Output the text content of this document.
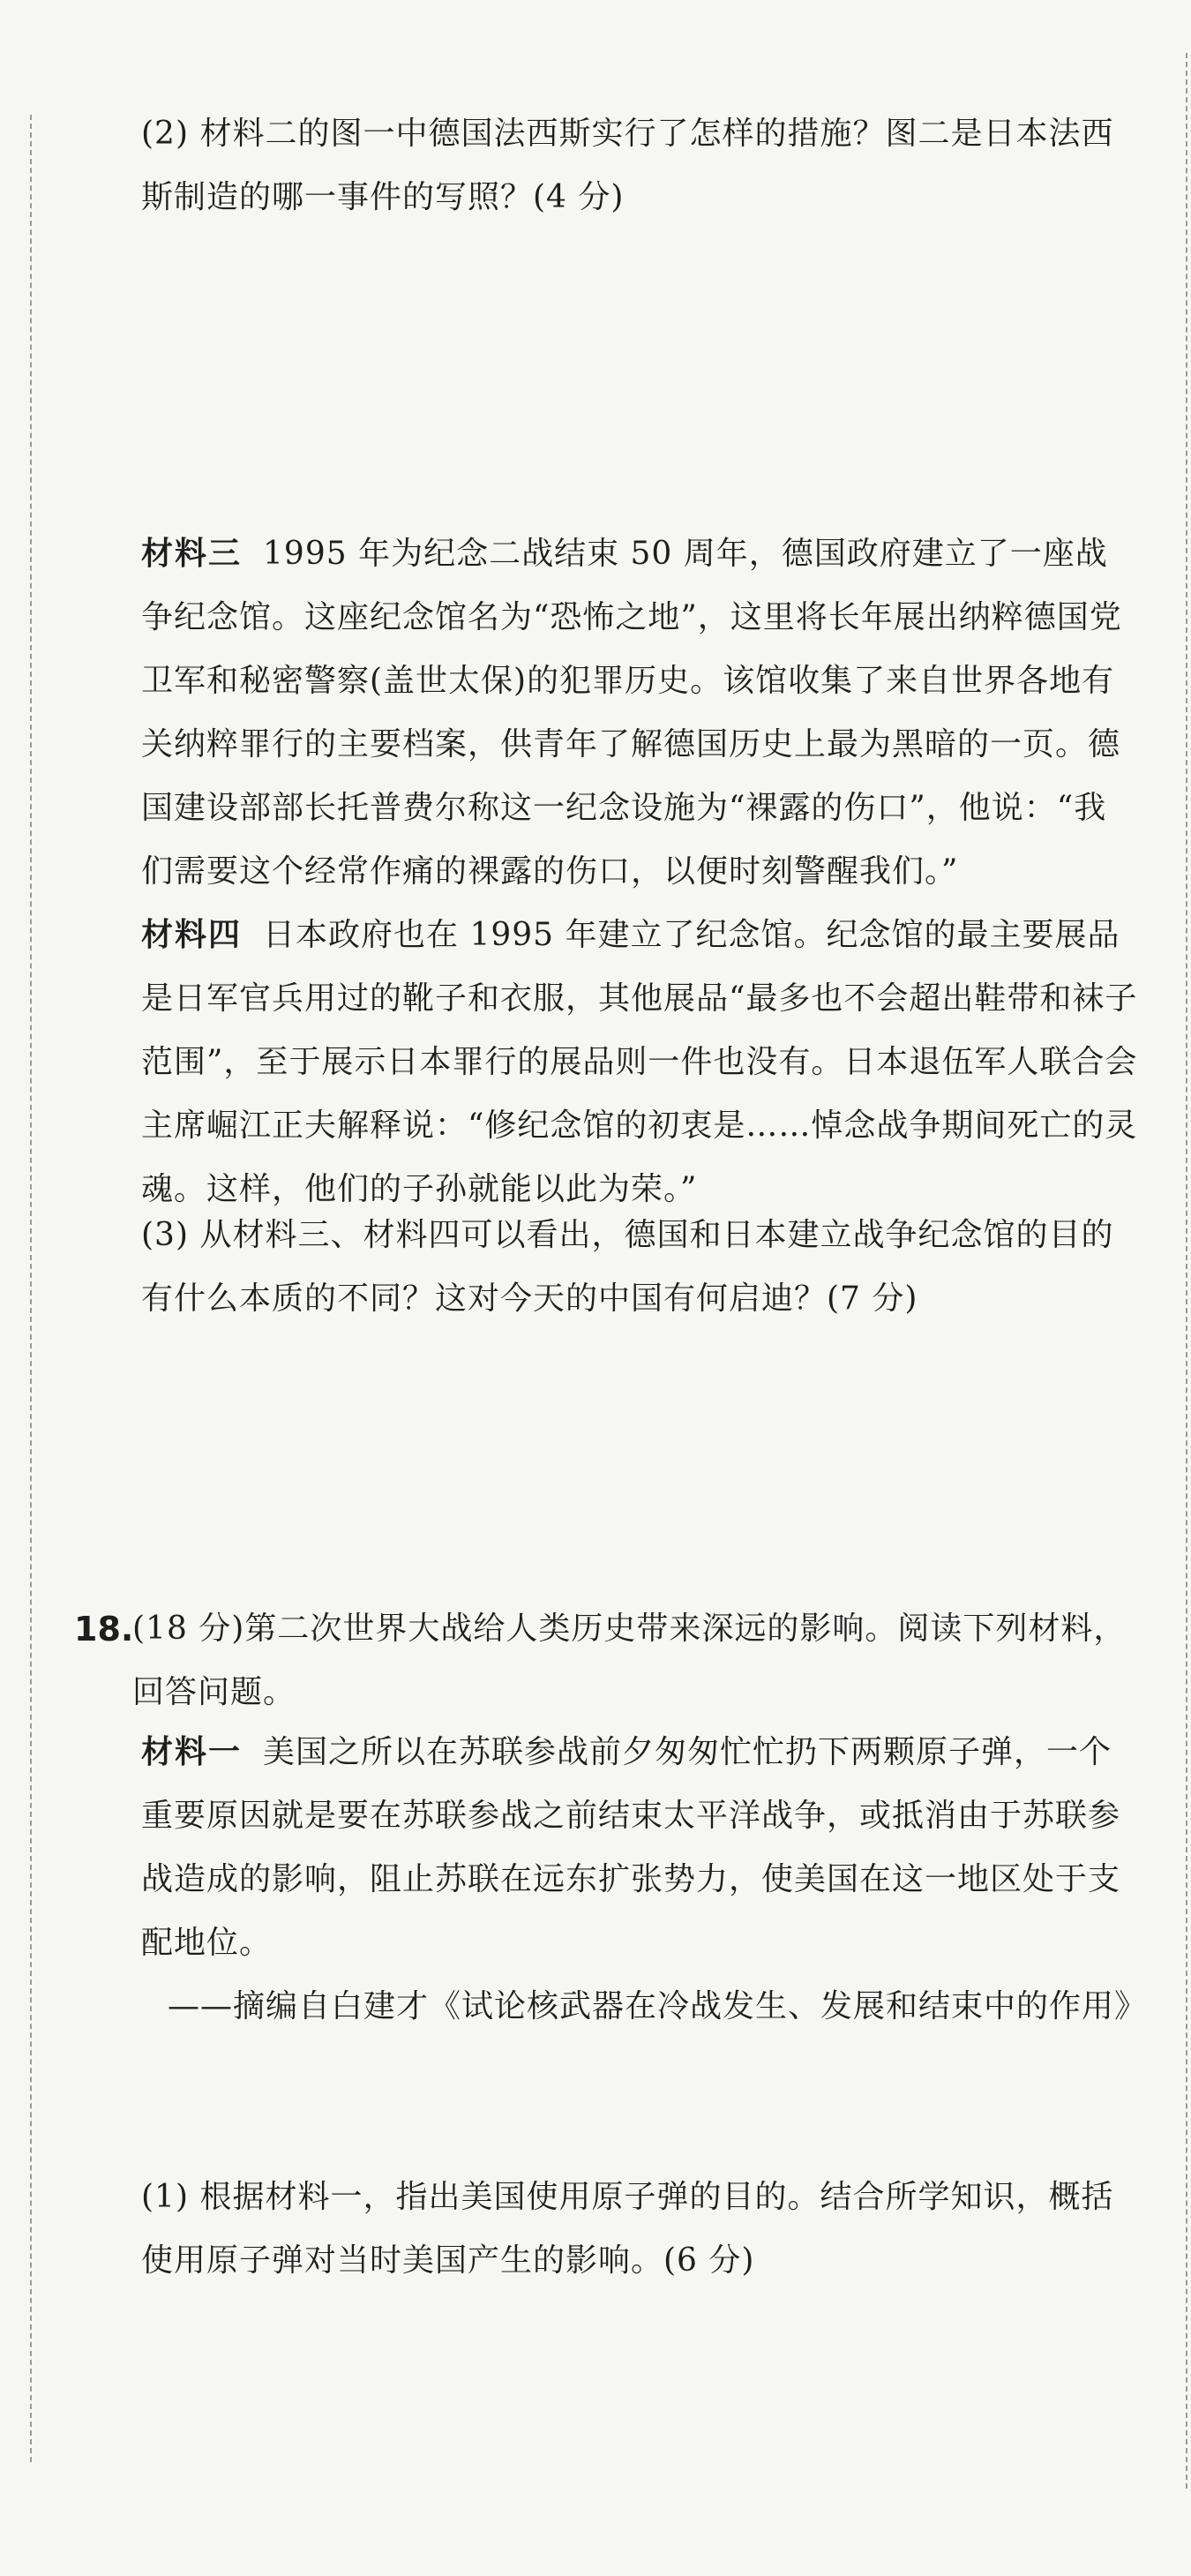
(2) 材料二的图一中德国法西斯实行了怎样的措施？图二是日本法西斯制造的哪一事件的写照？(4 分)

材料三 1995 年为纪念二战结束 50 周年，德国政府建立了一座战争纪念馆。这座纪念馆名为“恐怖之地”，这里将长年展出纳粹德国党卫军和秘密警察(盖世太保)的犯罪历史。该馆收集了来自世界各地有关纳粹罪行的主要档案，供青年了解德国历史上最为黑暗的一页。德国建设部部长托普费尔称这一纪念设施为“裸露的伤口”，他说：“我们需要这个经常作痛的裸露的伤口，以便时刻警醒我们。”

材料四 日本政府也在 1995 年建立了纪念馆。纪念馆的最主要展品是日军官兵用过的靴子和衣服，其他展品“最多也不会超出鞋带和袜子范围”，至于展示日本罪行的展品则一件也没有。日本退伍军人联合会主席崛江正夫解释说：“修纪念馆的初衷是……悼念战争期间死亡的灵魂。这样，他们的子孙就能以此为荣。”

(3) 从材料三、材料四可以看出，德国和日本建立战争纪念馆的目的有什么本质的不同？这对今天的中国有何启迪？(7 分)

18.

(18 分)第二次世界大战给人类历史带来深远的影响。阅读下列材料，回答问题。

材料一 美国之所以在苏联参战前夕匆匆忙忙扔下两颗原子弹，一个重要原因就是要在苏联参战之前结束太平洋战争，或抵消由于苏联参战造成的影响，阻止苏联在远东扩张势力，使美国在这一地区处于支配地位。

——摘编自白建才《试论核武器在冷战发生、发展和结束中的作用》

(1) 根据材料一，指出美国使用原子弹的目的。结合所学知识，概括使用原子弹对当时美国产生的影响。(6 分)
